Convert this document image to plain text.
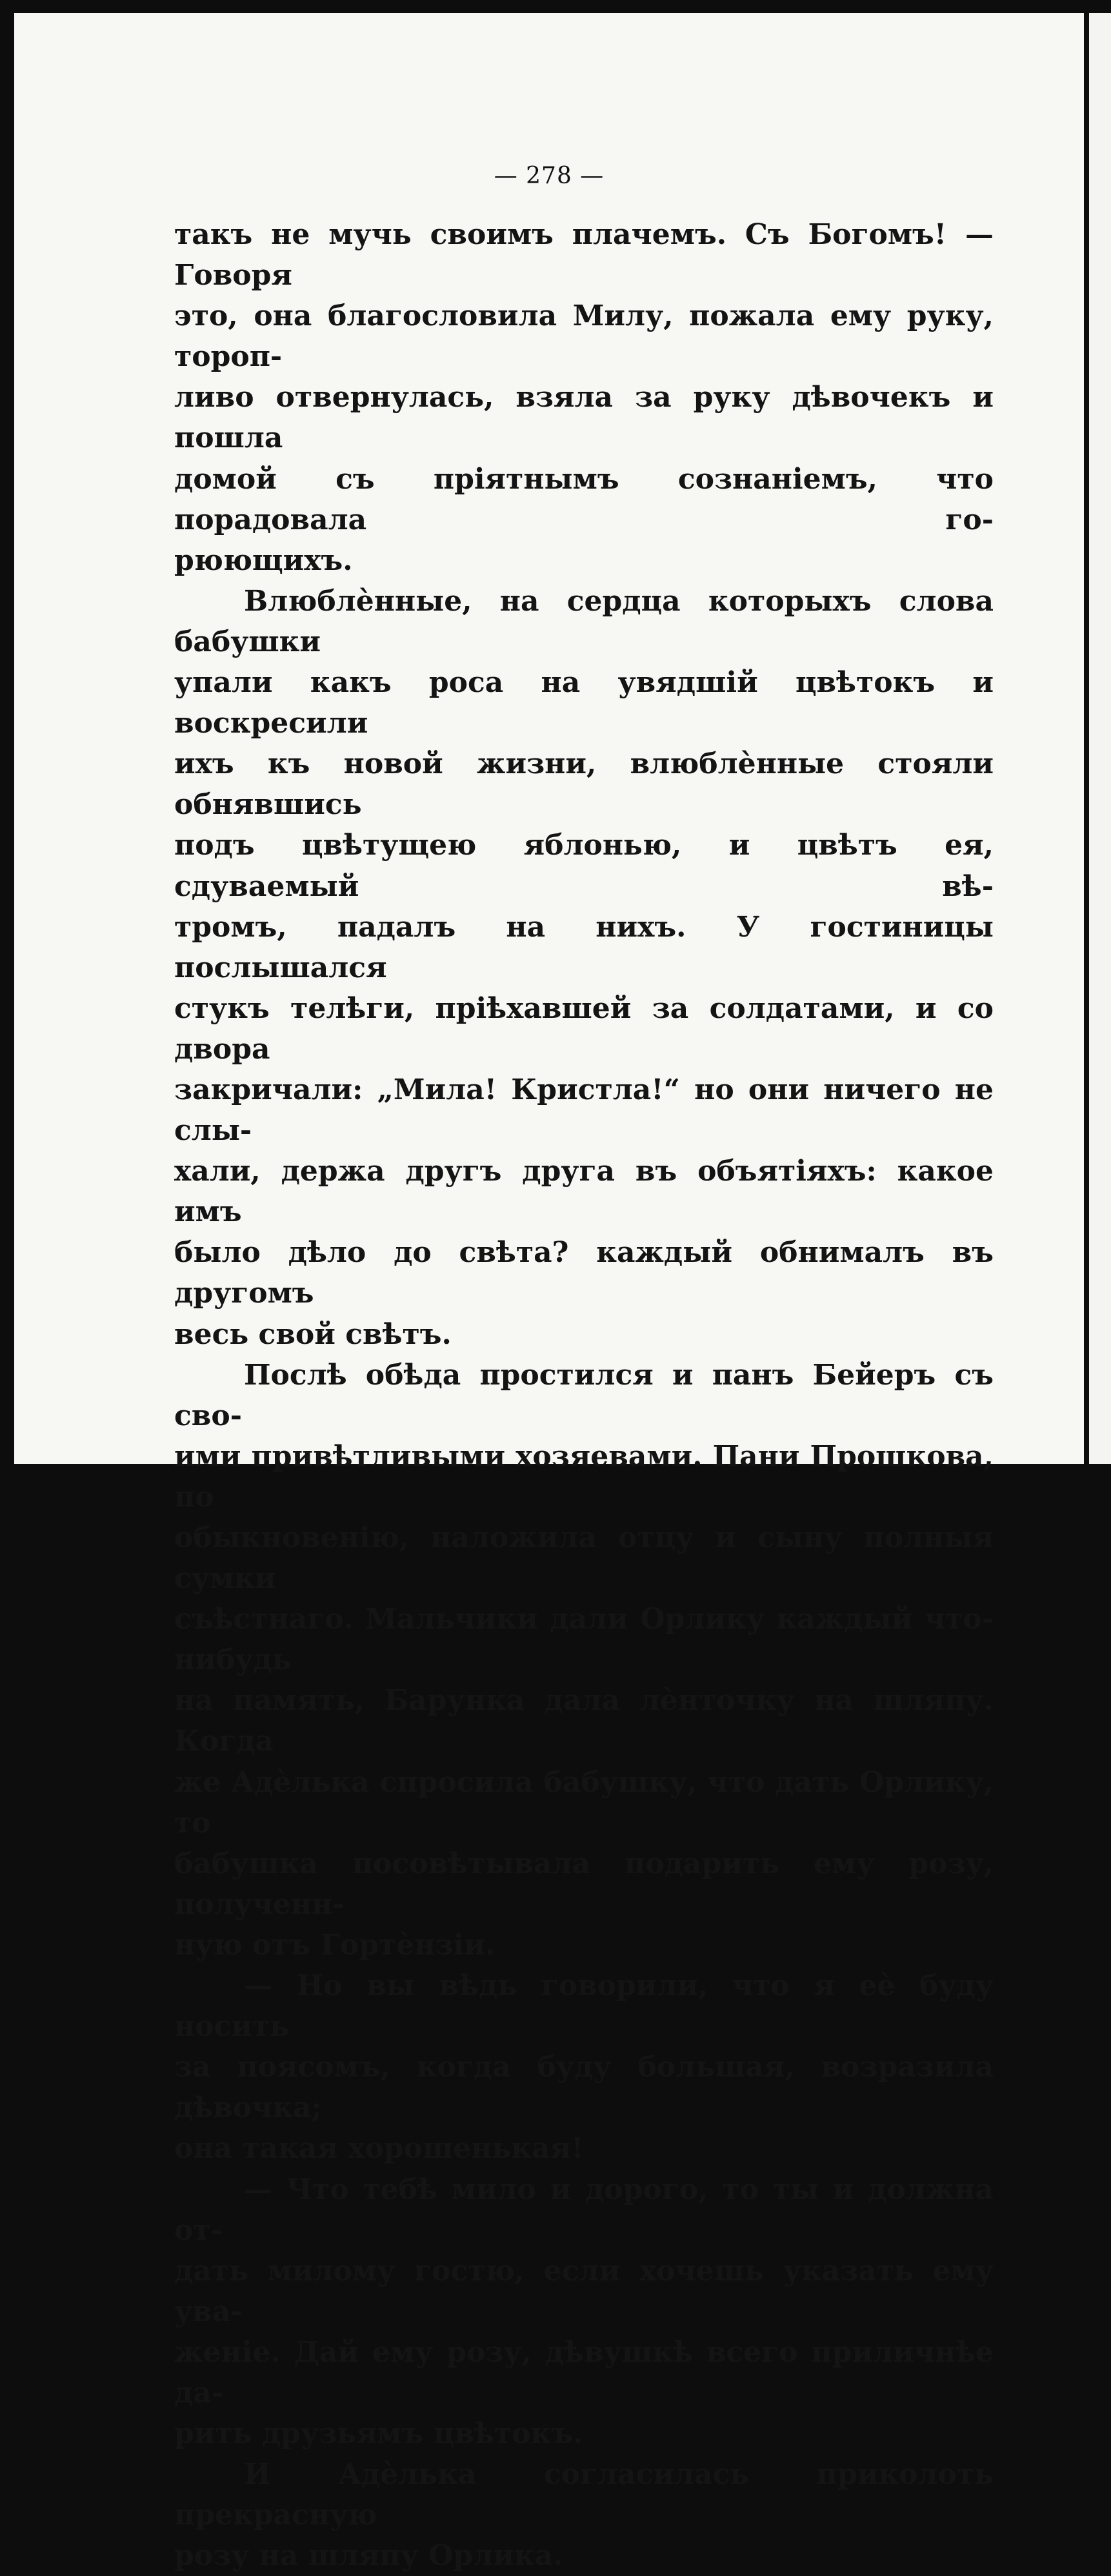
— 278 —
такъ не мучь своимъ плачемъ. Съ Богомъ! — Говоря
это, она благословила Милу, пожала ему руку, тороп-
ливо отвернулась, взяла за руку дѣвочекъ и пошла
домой съ пріятнымъ сознаніемъ, что порадовала го-
рюющихъ.
Влюблѐнные, на сердца которыхъ слова бабушки
упали какъ роса на увядшій цвѣтокъ и воскресили
ихъ къ новой жизни, влюблѐнные стояли обнявшись
подъ цвѣтущею яблонью, и цвѣтъ ея, сдуваемый вѣ-
тромъ, падалъ на нихъ. У гостиницы послышался
стукъ телѣги, пріѣхавшей за солдатами, и со двора
закричали: „Мила! Кристла!“ но они ничего не слы-
хали, держа другъ друга въ объятіяхъ: какое имъ
было дѣло до свѣта? каждый обнималъ въ другомъ
весь свой свѣтъ.
Послѣ обѣда простился и панъ Бейеръ съ сво-
ими привѣтливыми хозяевами. Пани Прошкова, по
обыкновенію, наложила отцу и сыну полныя сумки
съѣстнаго. Мальчики дали Орлику каждый что-нибудь
на память, Барунка дала лѐнточку на шляпу. Когда
же Адѐлька спросила бабушку, что дать Орлику, то
бабушка посовѣтывала подарить ему розу, полученн-
ную отъ Гортѐнзіи.
— Но вы вѣдь говорили, что я еѐ буду носить
за поясомъ, когда буду большая, возразила дѣвочка;
она такая хорошенькая!
— Что тебѣ мило и дорого, то ты и должна от-
дать милому гостю, если хочешь указать ему ува-
женіе. Дай ему розу, дѣвушкѣ всего приличнѣе да-
рить друзьямъ цвѣтокъ.
И Адѐлька согласилась приколоть прекрасную
розу на шляпу Орлика.
